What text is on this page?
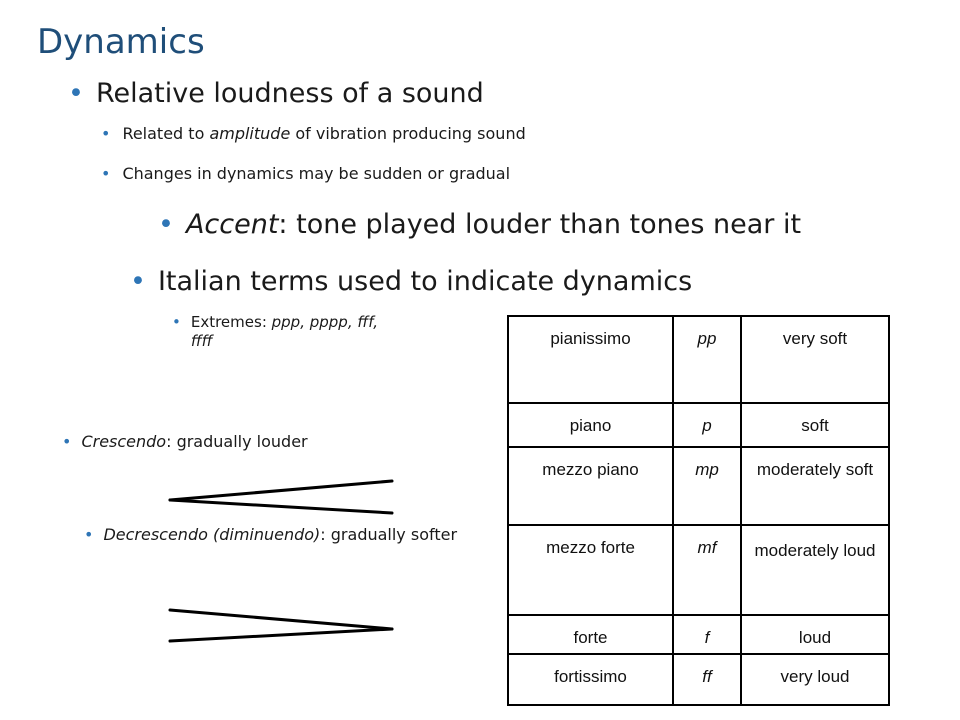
Dynamics
• Relative loudness of a sound
• Related to amplitude of vibration producing sound
• Changes in dynamics may be sudden or gradual
• Accent: tone played louder than tones near it
• Italian terms used to indicate dynamics
• Extremes: ppp, pppp, fff, ffff
• Crescendo: gradually louder
• Decrescendo (diminuendo): gradually softer
pianissimo	pp	very soft
piano	p	soft
mezzo piano	mp	moderately soft
mezzo forte	mf	moderately loud
forte	f	loud
fortissimo	ff	very loud
